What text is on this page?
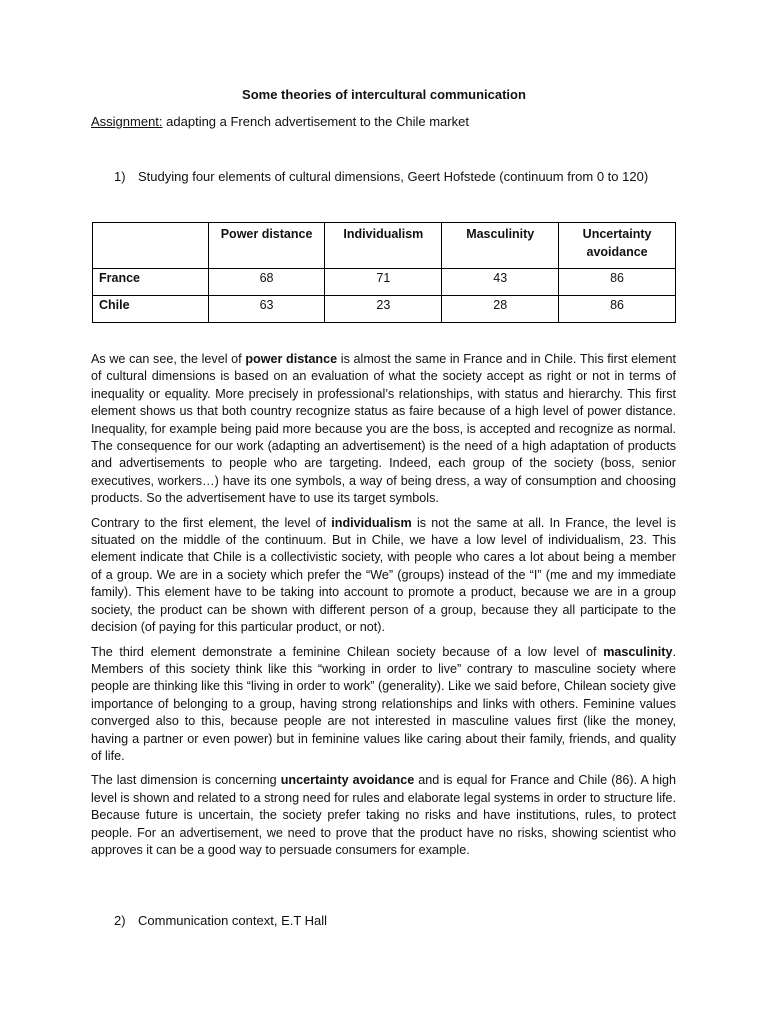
Some theories of intercultural communication
Assignment: adapting a French advertisement to the Chile market
1) Studying four elements of cultural dimensions, Geert Hofstede (continuum from 0 to 120)
	Power distance	Individualism	Masculinity	Uncertainty avoidance
France	68	71	43	86
Chile	63	23	28	86

As we can see, the level of power distance is almost the same in France and in Chile. This first element of cultural dimensions is based on an evaluation of what the society accept as right or not in terms of inequality or equality. More precisely in professional’s relationships, with status and hierarchy. This first element shows us that both country recognize status as faire because of a high level of power distance. Inequality, for example being paid more because you are the boss, is accepted and recognize as normal. The consequence for our work (adapting an advertisement) is the need of a high adaptation of products and advertisements to people who are targeting. Indeed, each group of the society (boss, senior executives, workers…) have its one symbols, a way of being dress, a way of consumption and choosing products. So the advertisement have to use its target symbols.

Contrary to the first element, the level of individualism is not the same at all. In France, the level is situated on the middle of the continuum. But in Chile, we have a low level of individualism, 23. This element indicate that Chile is a collectivistic society, with people who cares a lot about being a member of a group. We are in a society which prefer the “We” (groups) instead of the “I” (me and my immediate family). This element have to be taking into account to promote a product, because we are in a group society, the product can be shown with different person of a group, because they all participate to the decision (of paying for this particular product, or not).

The third element demonstrate a feminine Chilean society because of a low level of masculinity. Members of this society think like this “working in order to live” contrary to masculine society where people are thinking like this “living in order to work” (generality). Like we said before, Chilean society give importance of belonging to a group, having strong relationships and links with others. Feminine values converged also to this, because people are not interested in masculine values first (like the money, having a partner or even power) but in feminine values like caring about their family, friends, and quality of life.

The last dimension is concerning uncertainty avoidance and is equal for France and Chile (86). A high level is shown and related to a strong need for rules and elaborate legal systems in order to structure life. Because future is uncertain, the society prefer taking no risks and have institutions, rules, to protect people. For an advertisement, we need to prove that the product have no risks, showing scientist who approves it can be a good way to persuade consumers for example.

2) Communication context, E.T Hall
